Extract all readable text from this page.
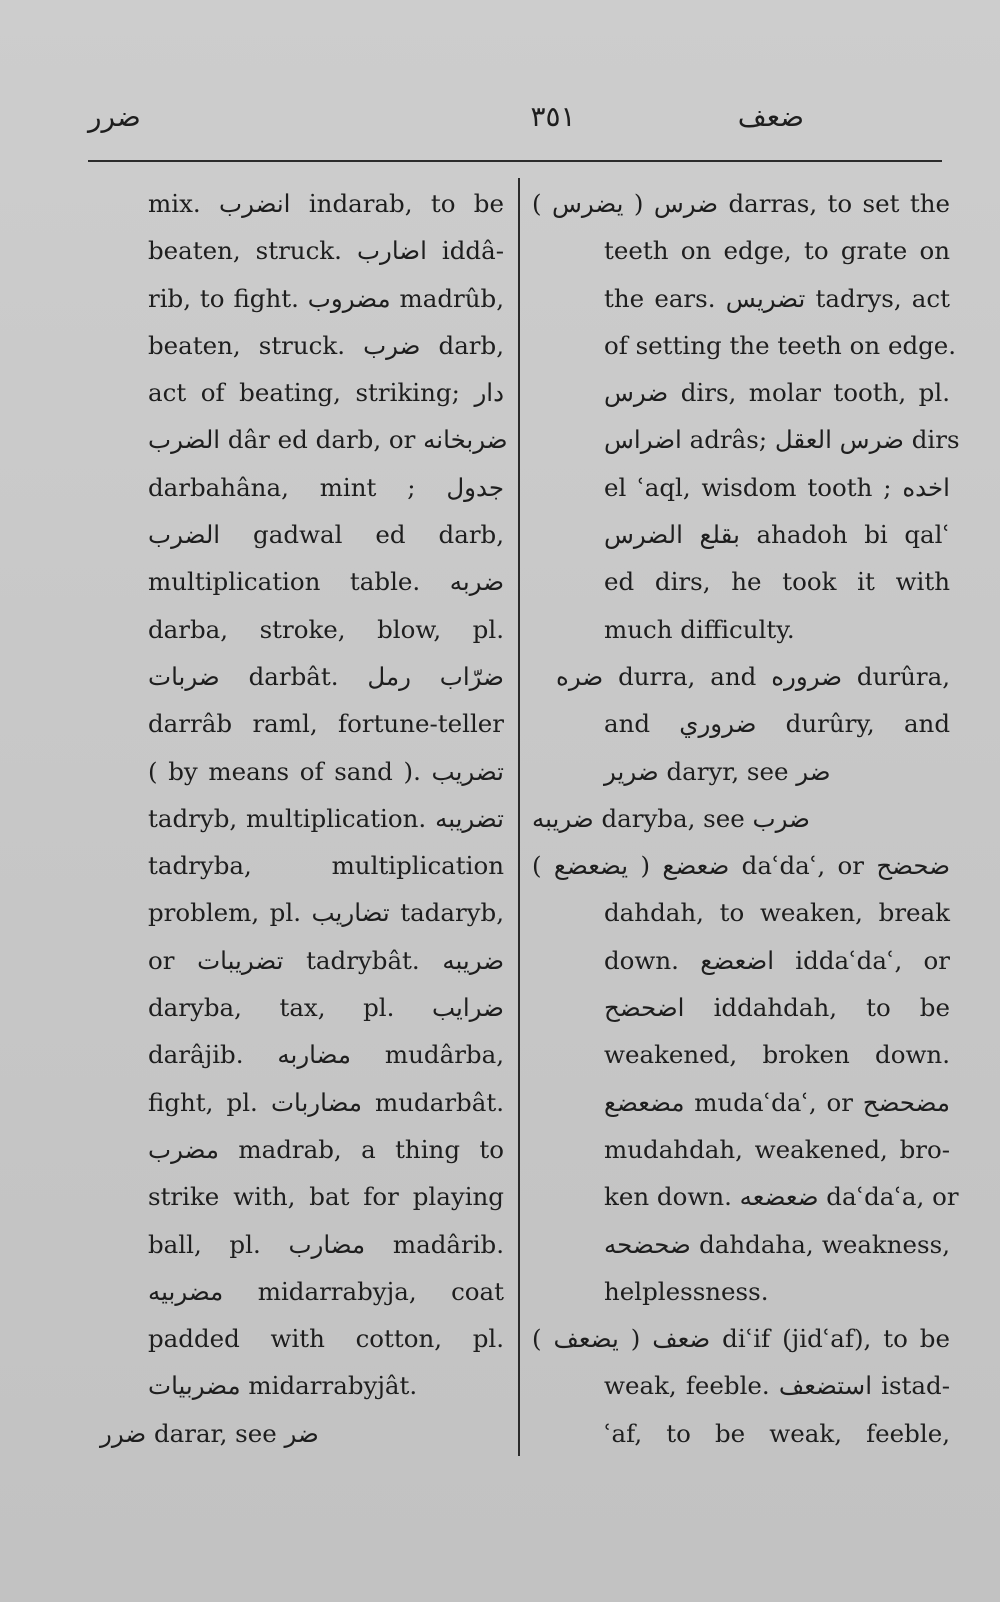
ضرر	۳٥١	ضعف
mix. انضرب indarab, to be
beaten, struck. اضارب iddâ-
rib, to fight. مضروب madrûb,
beaten, struck. ضرب darb,
act of beating, striking; دار
الضرب dâr ed darb, or ضربخانه
darbahâna, mint ; جدول
الضرب gadwal ed darb,
multiplication table. ضربه
darba, stroke, blow, pl.
ضربات darbât. ضرّاب رمل
darrâb raml, fortune-teller
( by means of sand ). تضريب
tadryb, multiplication. تضريبه
tadryba, multiplication
problem, pl. تضاريب tadaryb,
or تضريبات tadrybât. ضريبه
daryba, tax, pl. ضرايب
darâjib. مضاربه mudârba,
fight, pl. مضاربات mudarbât.
مضرب madrab, a thing to
strike with, bat for playing
ball, pl. مضارب madârib.
مضربيه midarrabyja, coat
padded with cotton, pl.
مضربيات midarrabyjât.
ضرر darar, see ضر
ضرس ( يضرس ) darras, to set the
teeth on edge, to grate on
the ears. تضريس tadrys, act
of setting the teeth on edge.
ضرس dirs, molar tooth, pl.
اضراس adrâs; ضرس العقل dirs
el ʿaql, wisdom tooth ; اخده
بقلع الضرس ahadoh bi qalʿ
ed dirs, he took it with
much difficulty.
ضره durra, and ضروره durûra,
and ضروري durûry, and
ضرير daryr, see ضر
ضريبه daryba, see ضرب
ضعضع ( يضعضع ) daʿdaʿ, or ضحضح
dahdah, to weaken, break
down. اضعضع iddaʿdaʿ, or
اضحضح iddahdah, to be
weakened, broken down.
مضعضع mudaʿdaʿ, or مضحضح
mudahdah, weakened, bro-
ken down. ضعضعه daʿdaʿa, or
ضحضحه dahdaha, weakness,
helplessness.
ضعف ( يضعف ) diʿif (jidʿaf), to be
weak, feeble. استضعف istad-
ʿaf, to be weak, feeble,
